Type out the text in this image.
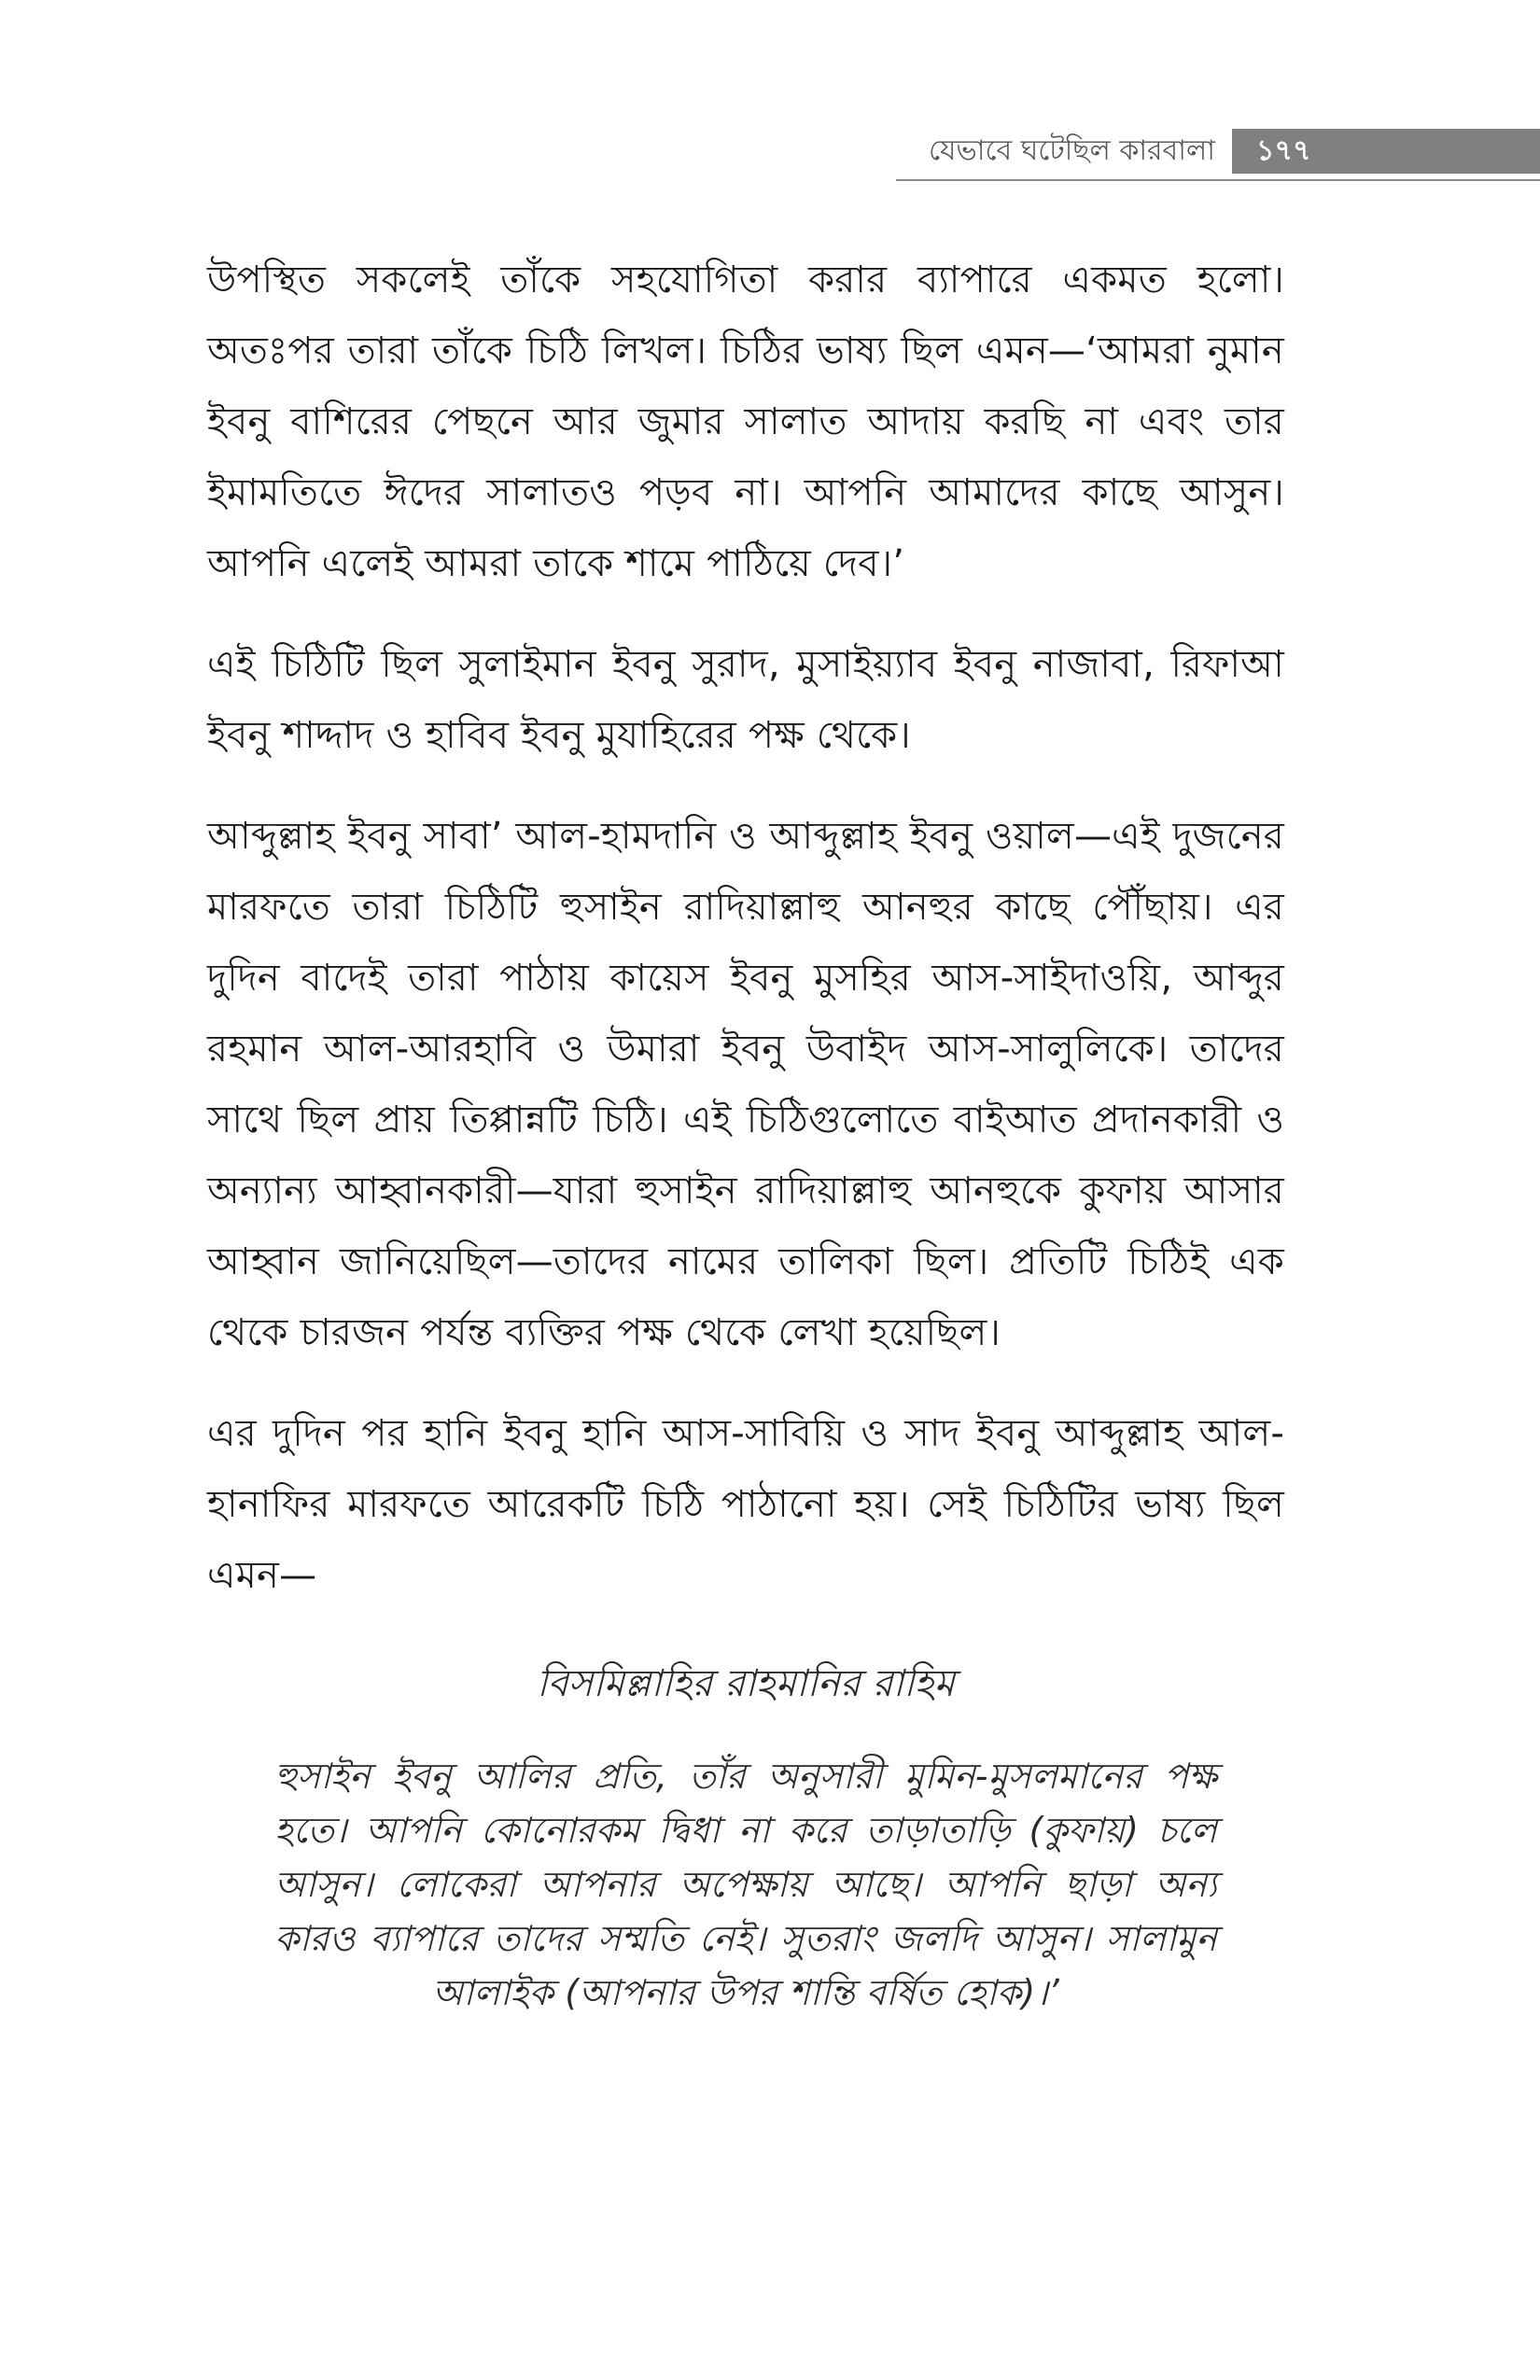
যেভাবে ঘটেছিল কারবালা	১৭৭

উপস্থিত সকলেই তাঁকে সহযোগিতা করার ব্যাপারে একমত হলো। অতঃপর তারা তাঁকে চিঠি লিখল। চিঠির ভাষ্য ছিল এমন—‘আমরা নুমান ইবনু বাশিরের পেছনে আর জুমার সালাত আদায় করছি না এবং তার ইমামতিতে ঈদের সালাতও পড়ব না। আপনি আমাদের কাছে আসুন। আপনি এলেই আমরা তাকে শামে পাঠিয়ে দেব।’

এই চিঠিটি ছিল সুলাইমান ইবনু সুরাদ, মুসাইয়্যাব ইবনু নাজাবা, রিফাআ ইবনু শাদ্দাদ ও হাবিব ইবনু মুযাহিরের পক্ষ থেকে।

আব্দুল্লাহ ইবনু সাবা’ আল-হামদানি ও আব্দুল্লাহ ইবনু ওয়াল—এই দুজনের মারফতে তারা চিঠিটি হুসাইন রাদিয়াল্লাহু আনহুর কাছে পৌঁছায়। এর দুদিন বাদেই তারা পাঠায় কায়েস ইবনু মুসহির আস-সাইদাওয়ি, আব্দুর রহমান আল-আরহাবি ও উমারা ইবনু উবাইদ আস-সালুলিকে। তাদের সাথে ছিল প্রায় তিপ্পান্নটি চিঠি। এই চিঠিগুলোতে বাইআত প্রদানকারী ও অন্যান্য আহ্বানকারী—যারা হুসাইন রাদিয়াল্লাহু আনহুকে কুফায় আসার আহ্বান জানিয়েছিল—তাদের নামের তালিকা ছিল। প্রতিটি চিঠিই এক থেকে চারজন পর্যন্ত ব্যক্তির পক্ষ থেকে লেখা হয়েছিল।

এর দুদিন পর হানি ইবনু হানি আস-সাবিয়ি ও সাদ ইবনু আব্দুল্লাহ আল-হানাফির মারফতে আরেকটি চিঠি পাঠানো হয়। সেই চিঠিটির ভাষ্য ছিল এমন—

বিসমিল্লাহির রাহমানির রাহিম

হুসাইন ইবনু আলির প্রতি, তাঁর অনুসারী মুমিন-মুসলমানের পক্ষ হতে। আপনি কোনোরকম দ্বিধা না করে তাড়াতাড়ি (কুফায়) চলে আসুন। লোকেরা আপনার অপেক্ষায় আছে। আপনি ছাড়া অন্য কারও ব্যাপারে তাদের সম্মতি নেই। সুতরাং জলদি আসুন। সালামুন আলাইক (আপনার উপর শান্তি বর্ষিত হোক)।’
